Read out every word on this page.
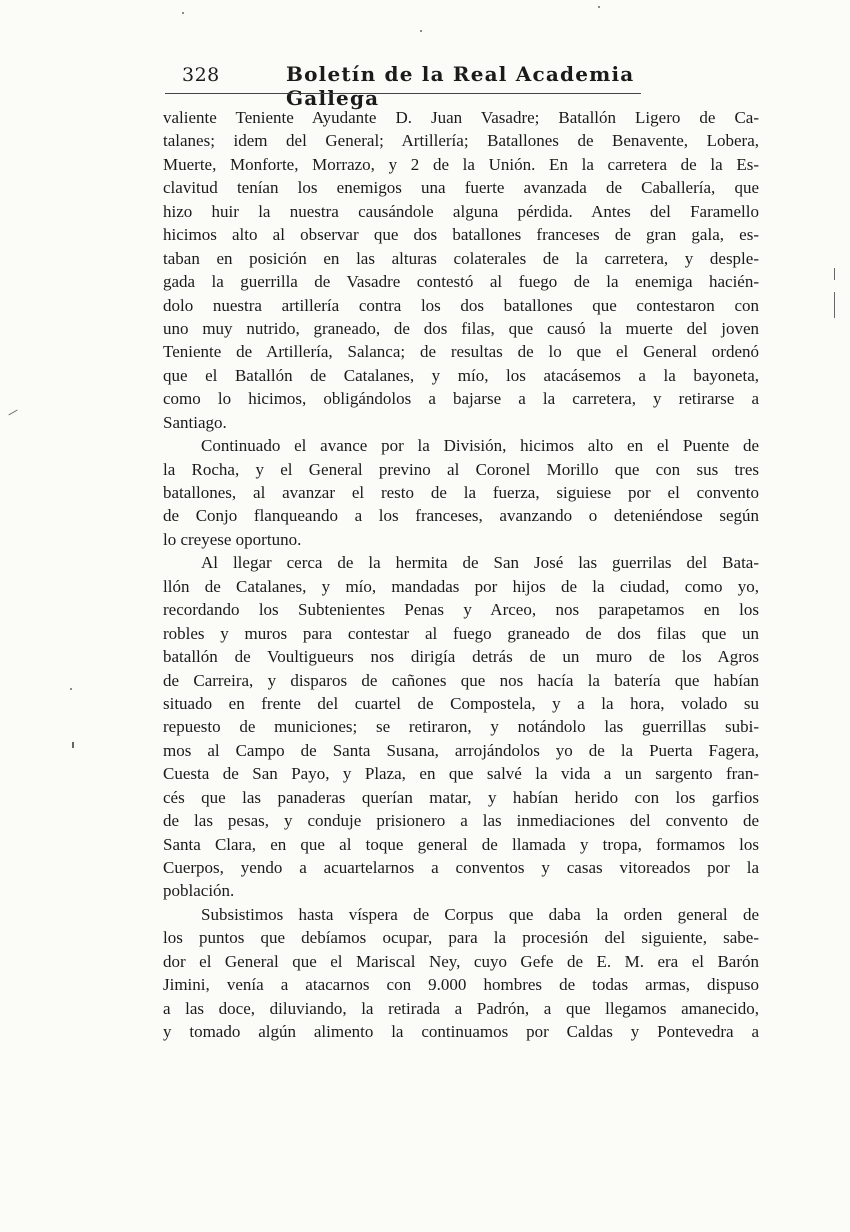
328	Boletín de la Real Academia Gallega
valiente Teniente Ayudante D. Juan Vasadre; Batallón Ligero de Ca-
talanes; idem del General; Artillería; Batallones de Benavente, Lobera,
Muerte, Monforte, Morrazo, y 2 de la Unión. En la carretera de la Es-
clavitud tenían los enemigos una fuerte avanzada de Caballería, que
hizo huir la nuestra causándole alguna pérdida. Antes del Faramello
hicimos alto al observar que dos batallones franceses de gran gala, es-
taban en posición en las alturas colaterales de la carretera, y desple-
gada la guerrilla de Vasadre contestó al fuego de la enemiga hacién-
dolo nuestra artillería contra los dos batallones que contestaron con
uno muy nutrido, graneado, de dos filas, que causó la muerte del joven
Teniente de Artillería, Salanca; de resultas de lo que el General ordenó
que el Batallón de Catalanes, y mío, los atacásemos a la bayoneta,
como lo hicimos, obligándolos a bajarse a la carretera, y retirarse a
Santiago.
Continuado el avance por la División, hicimos alto en el Puente de
la Rocha, y el General previno al Coronel Morillo que con sus tres
batallones, al avanzar el resto de la fuerza, siguiese por el convento
de Conjo flanqueando a los franceses, avanzando o deteniéndose según
lo creyese oportuno.
Al llegar cerca de la hermita de San José las guerrilas del Bata-
llón de Catalanes, y mío, mandadas por hijos de la ciudad, como yo,
recordando los Subtenientes Penas y Arceo, nos parapetamos en los
robles y muros para contestar al fuego graneado de dos filas que un
batallón de Voultigueurs nos dirigía detrás de un muro de los Agros
de Carreira, y disparos de cañones que nos hacía la batería que habían
situado en frente del cuartel de Compostela, y a la hora, volado su
repuesto de municiones; se retiraron, y notándolo las guerrillas subi-
mos al Campo de Santa Susana, arrojándolos yo de la Puerta Fagera,
Cuesta de San Payo, y Plaza, en que salvé la vida a un sargento fran-
cés que las panaderas querían matar, y habían herido con los garfios
de las pesas, y conduje prisionero a las inmediaciones del convento de
Santa Clara, en que al toque general de llamada y tropa, formamos los
Cuerpos, yendo a acuartelarnos a conventos y casas vitoreados por la
población.
Subsistimos hasta víspera de Corpus que daba la orden general de
los puntos que debíamos ocupar, para la procesión del siguiente, sabe-
dor el General que el Mariscal Ney, cuyo Gefe de E. M. era el Barón
Jimini, venía a atacarnos con 9.000 hombres de todas armas, dispuso
a las doce, diluviando, la retirada a Padrón, a que llegamos amanecido,
y tomado algún alimento la continuamos por Caldas y Pontevedra a
